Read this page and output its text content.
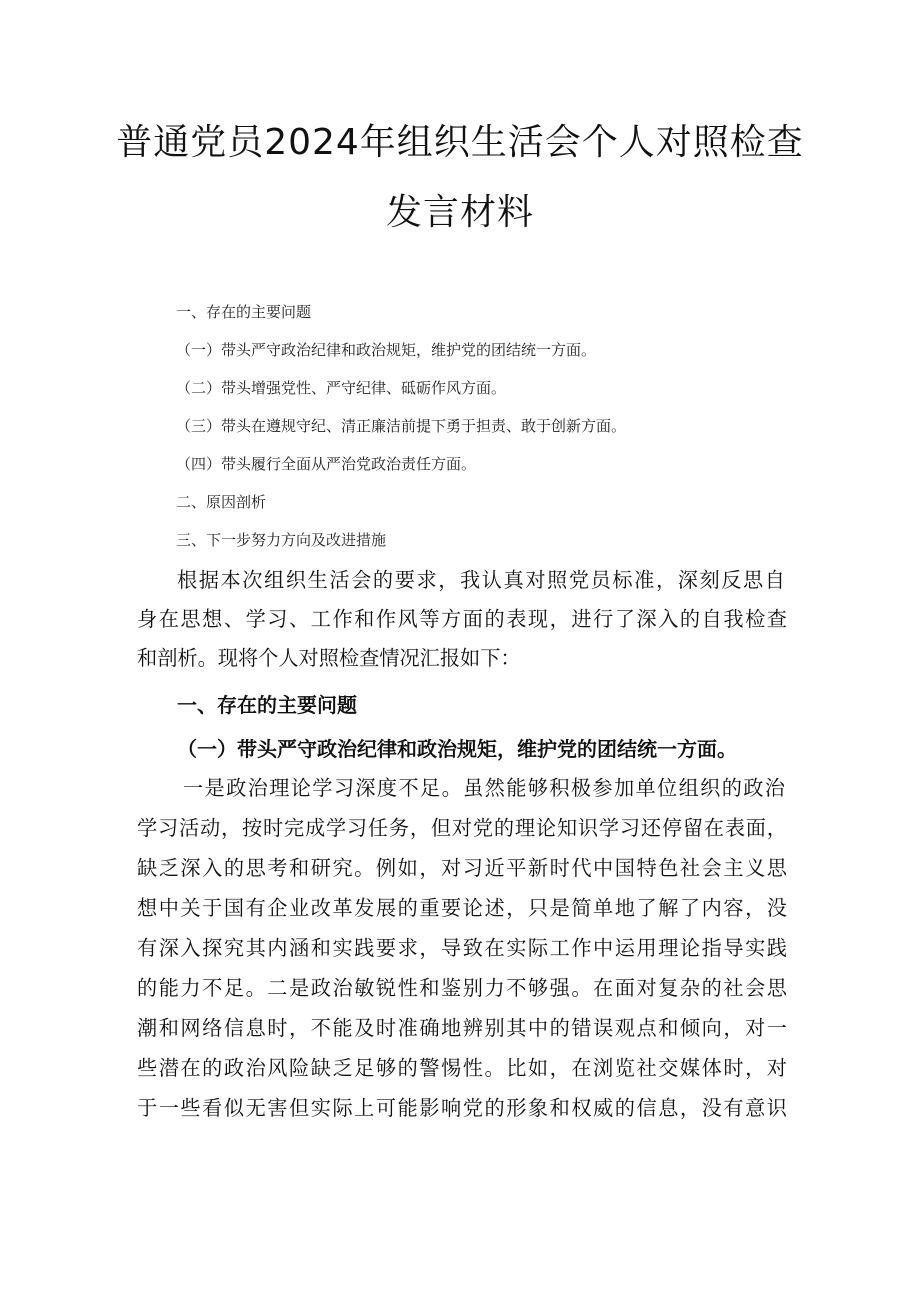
普通党员2024年组织生活会个人对照检查
发言材料
一、存在的主要问题
（一）带头严守政治纪律和政治规矩，维护党的团结统一方面。
（二）带头增强党性、严守纪律、砥砺作风方面。
（三）带头在遵规守纪、清正廉洁前提下勇于担责、敢于创新方面。
（四）带头履行全面从严治党政治责任方面。
二、原因剖析
三、下一步努力方向及改进措施
根据本次组织生活会的要求，我认真对照党员标准，深刻反思自
身在思想、学习、工作和作风等方面的表现，进行了深入的自我检查
和剖析。现将个人对照检查情况汇报如下：
一、存在的主要问题
（一）带头严守政治纪律和政治规矩，维护党的团结统一方面。
一是政治理论学习深度不足。虽然能够积极参加单位组织的政治
学习活动，按时完成学习任务，但对党的理论知识学习还停留在表面，
缺乏深入的思考和研究。例如，对习近平新时代中国特色社会主义思
想中关于国有企业改革发展的重要论述，只是简单地了解了内容，没
有深入探究其内涵和实践要求，导致在实际工作中运用理论指导实践
的能力不足。二是政治敏锐性和鉴别力不够强。在面对复杂的社会思
潮和网络信息时，不能及时准确地辨别其中的错误观点和倾向，对一
些潜在的政治风险缺乏足够的警惕性。比如，在浏览社交媒体时，对
于一些看似无害但实际上可能影响党的形象和权威的信息，没有意识
